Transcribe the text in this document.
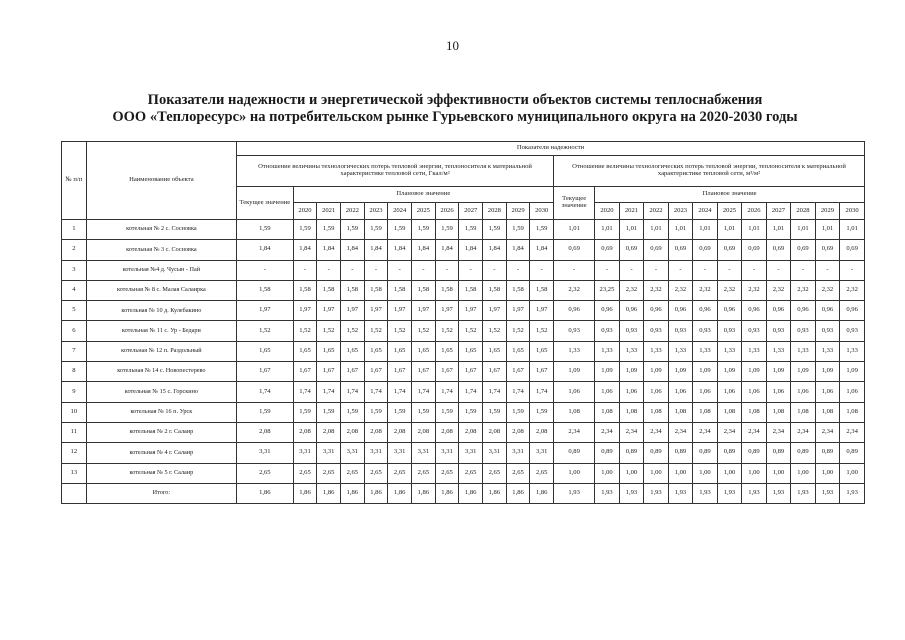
10
Показатели надежности и энергетической эффективности объектов системы теплоснабжения
ООО «Теплоресурс» на потребительском рынке Гурьевского муниципального округа на 2020-2030 годы
№ п/п	Наименование объекта	Показатели надежности																							
		Отношение величины технологических потерь тепловой энергии, теплоносителя к материальной характеристике тепловой сети, Гкал/м²												Отношение величины технологических потерь тепловой энергии, теплоносителя к материальной характеристике тепловой сети, м³/м²											
		Текущее значение	Плановое значение											Текущее значение	Плановое значение										
			2020	2021	2022	2023	2024	2025	2026	2027	2028	2029	2030		2020	2021	2022	2023	2024	2025	2026	2027	2028	2029	2030
1	котельная № 2 с. Сосновка	1,59	1,59	1,59	1,59	1,59	1,59	1,59	1,59	1,59	1,59	1,59	1,59	1,01	1,01	1,01	1,01	1,01	1,01	1,01	1,01	1,01	1,01	1,01	1,01
2	котельная № 3 с. Сосновка	1,84	1,84	1,84	1,84	1,84	1,84	1,84	1,84	1,84	1,84	1,84	1,84	0,69	0,69	0,69	0,69	0,69	0,69	0,69	0,69	0,69	0,69	0,69	0,69
3	котельная №4 д. Чусын - Пай	-	-	-	-	-	-	-	-	-	-	-	-	-	-	-	-	-	-	-	-	-	-	-	-
4	котельная № 8 с. Малая Салаирка	1,58	1,58	1,58	1,58	1,58	1,58	1,58	1,58	1,58	1,58	1,58	1,58	2,32	23,25	2,32	2,32	2,32	2,32	2,32	2,32	2,32	2,32	2,32	2,32
5	котельная № 10 д. Кулебакино	1,97	1,97	1,97	1,97	1,97	1,97	1,97	1,97	1,97	1,97	1,97	1,97	0,96	0,96	0,96	0,96	0,96	0,96	0,96	0,96	0,96	0,96	0,96	0,96
6	котельная № 11 с. Ур - Бедари	1,52	1,52	1,52	1,52	1,52	1,52	1,52	1,52	1,52	1,52	1,52	1,52	0,93	0,93	0,93	0,93	0,93	0,93	0,93	0,93	0,93	0,93	0,93	0,93
7	котельная № 12 п. Раздольный	1,65	1,65	1,65	1,65	1,65	1,65	1,65	1,65	1,65	1,65	1,65	1,65	1,33	1,33	1,33	1,33	1,33	1,33	1,33	1,33	1,33	1,33	1,33	1,33
8	котельная № 14 с. Новопестерево	1,67	1,67	1,67	1,67	1,67	1,67	1,67	1,67	1,67	1,67	1,67	1,67	1,09	1,09	1,09	1,09	1,09	1,09	1,09	1,09	1,09	1,09	1,09	1,09
9	котельная № 15 с. Горскино	1,74	1,74	1,74	1,74	1,74	1,74	1,74	1,74	1,74	1,74	1,74	1,74	1,06	1,06	1,06	1,06	1,06	1,06	1,06	1,06	1,06	1,06	1,06	1,06
10	котельная № 16 п. Урск	1,59	1,59	1,59	1,59	1,59	1,59	1,59	1,59	1,59	1,59	1,59	1,59	1,08	1,08	1,08	1,08	1,08	1,08	1,08	1,08	1,08	1,08	1,08	1,08
11	котельная № 2 г. Салаир	2,08	2,08	2,08	2,08	2,08	2,08	2,08	2,08	2,08	2,08	2,08	2,08	2,34	2,34	2,34	2,34	2,34	2,34	2,34	2,34	2,34	2,34	2,34	2,34
12	котельная № 4 г. Салаир	3,31	3,31	3,31	3,31	3,31	3,31	3,31	3,31	3,31	3,31	3,31	3,31	0,89	0,89	0,89	0,89	0,89	0,89	0,89	0,89	0,89	0,89	0,89	0,89
13	котельная № 5 г. Салаир	2,65	2,65	2,65	2,65	2,65	2,65	2,65	2,65	2,65	2,65	2,65	2,65	1,00	1,00	1,00	1,00	1,00	1,00	1,00	1,00	1,00	1,00	1,00	1,00
	Итого:	1,86	1,86	1,86	1,86	1,86	1,86	1,86	1,86	1,86	1,86	1,86	1,86	1,93	1,93	1,93	1,93	1,93	1,93	1,93	1,93	1,93	1,93	1,93	1,93
